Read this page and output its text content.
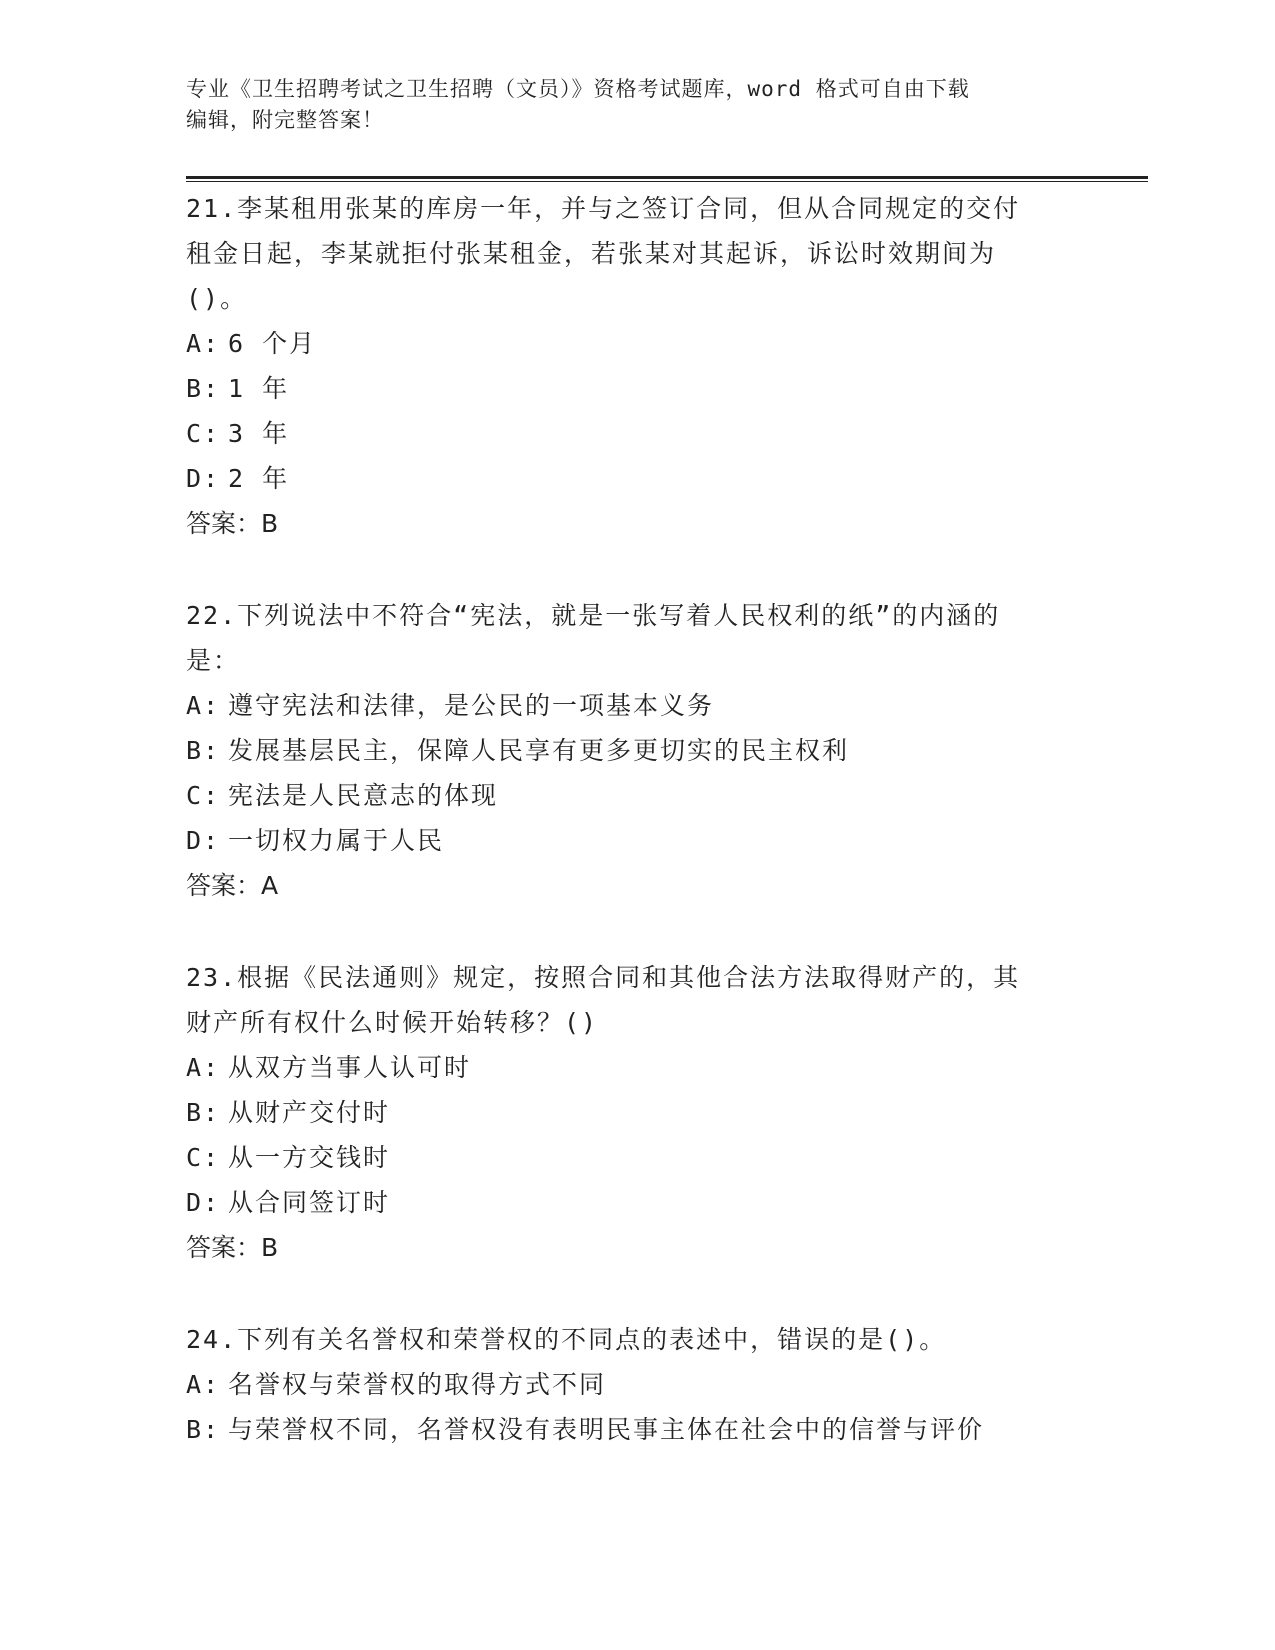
专业《卫生招聘考试之卫生招聘（文员）》资格考试题库，word 格式可自由下载
编辑，附完整答案！

21.李某租用张某的库房一年，并与之签订合同，但从合同规定的交付

租金日起，李某就拒付张某租金，若张某对其起诉，诉讼时效期间为

()。

A: 6 个月

B: 1 年

C: 3 年

D: 2 年

答案：B

22.下列说法中不符合“宪法，就是一张写着人民权利的纸”的内涵的

是：

A: 遵守宪法和法律，是公民的一项基本义务

B: 发展基层民主，保障人民享有更多更切实的民主权利

C: 宪法是人民意志的体现

D: 一切权力属于人民

答案：A

23.根据《民法通则》规定，按照合同和其他合法方法取得财产的，其

财产所有权什么时候开始转移？()

A: 从双方当事人认可时

B: 从财产交付时

C: 从一方交钱时

D: 从合同签订时

答案：B

24.下列有关名誉权和荣誉权的不同点的表述中，错误的是()。

A: 名誉权与荣誉权的取得方式不同

B: 与荣誉权不同，名誉权没有表明民事主体在社会中的信誉与评价
